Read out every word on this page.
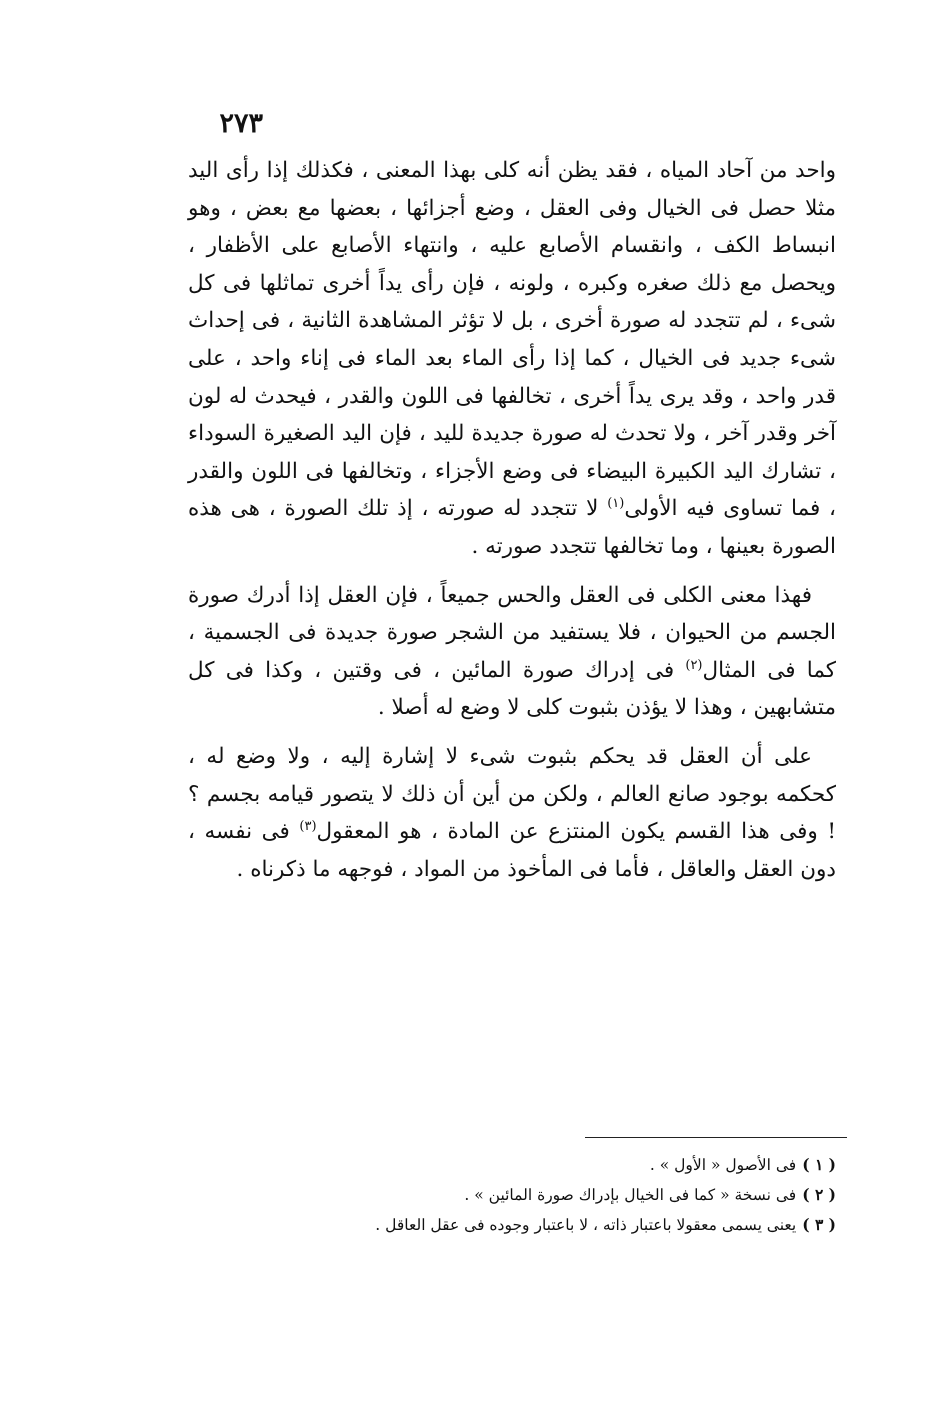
٢٧٣

واحد من آحاد المياه ، فقد يظن أنه كلى بهذا المعنى ، فكذلك إذا رأى اليد مثلا حصل فى الخيال وفى العقل ، وضع أجزائها ، بعضها مع بعض ، وهو انبساط الكف ، وانقسام الأصابع عليه ، وانتهاء الأصابع على الأظفار ، ويحصل مع ذلك صغره وكبره ، ولونه ، فإن رأى يداً أخرى تماثلها فى كل شىء ، لم تتجدد له صورة أخرى ، بل لا تؤثر المشاهدة الثانية ، فى إحداث شىء جديد فى الخيال ، كما إذا رأى الماء بعد الماء فى إناء واحد ، على قدر واحد ، وقد يرى يداً أخرى ، تخالفها فى اللون والقدر ، فيحدث له لون آخر وقدر آخر ، ولا تحدث له صورة جديدة لليد ، فإن اليد الصغيرة السوداء ، تشارك اليد الكبيرة البيضاء فى وضع الأجزاء ، وتخالفها فى اللون والقدر ، فما تساوى فيه الأولى$^{(١)}$ لا تتجدد له صورته ، إذ تلك الصورة ، هى هذه الصورة بعينها ، وما تخالفها تتجدد صورته .

فهذا معنى الكلى فى العقل والحس جميعاً ، فإن العقل إذا أدرك صورة الجسم من الحيوان ، فلا يستفيد من الشجر صورة جديدة فى الجسمية ، كما فى المثال$^{(٢)}$ فى إدراك صورة المائين ، فى وقتين ، وكذا فى كل متشابهين ، وهذا لا يؤذن بثبوت كلى لا وضع له أصلا .

على أن العقل قد يحكم بثبوت شىء لا إشارة إليه ، ولا وضع له ، كحكمه بوجود صانع العالم ، ولكن من أين أن ذلك لا يتصور قيامه بجسم ؟ ! وفى هذا القسم يكون المنتزع عن المادة ، هو المعقول$^{(٣)}$ فى نفسه ، دون العقل والعاقل ، فأما فى المأخوذ من المواد ، فوجهه ما ذكرناه .

( ١ )فى الأصول « الأول » .

( ٢ )فى نسخة « كما فى الخيال بإدراك صورة المائين » .

( ٣ )يعنى يسمى معقولا باعتبار ذاته ، لا باعتبار وجوده فى عقل العاقل .
